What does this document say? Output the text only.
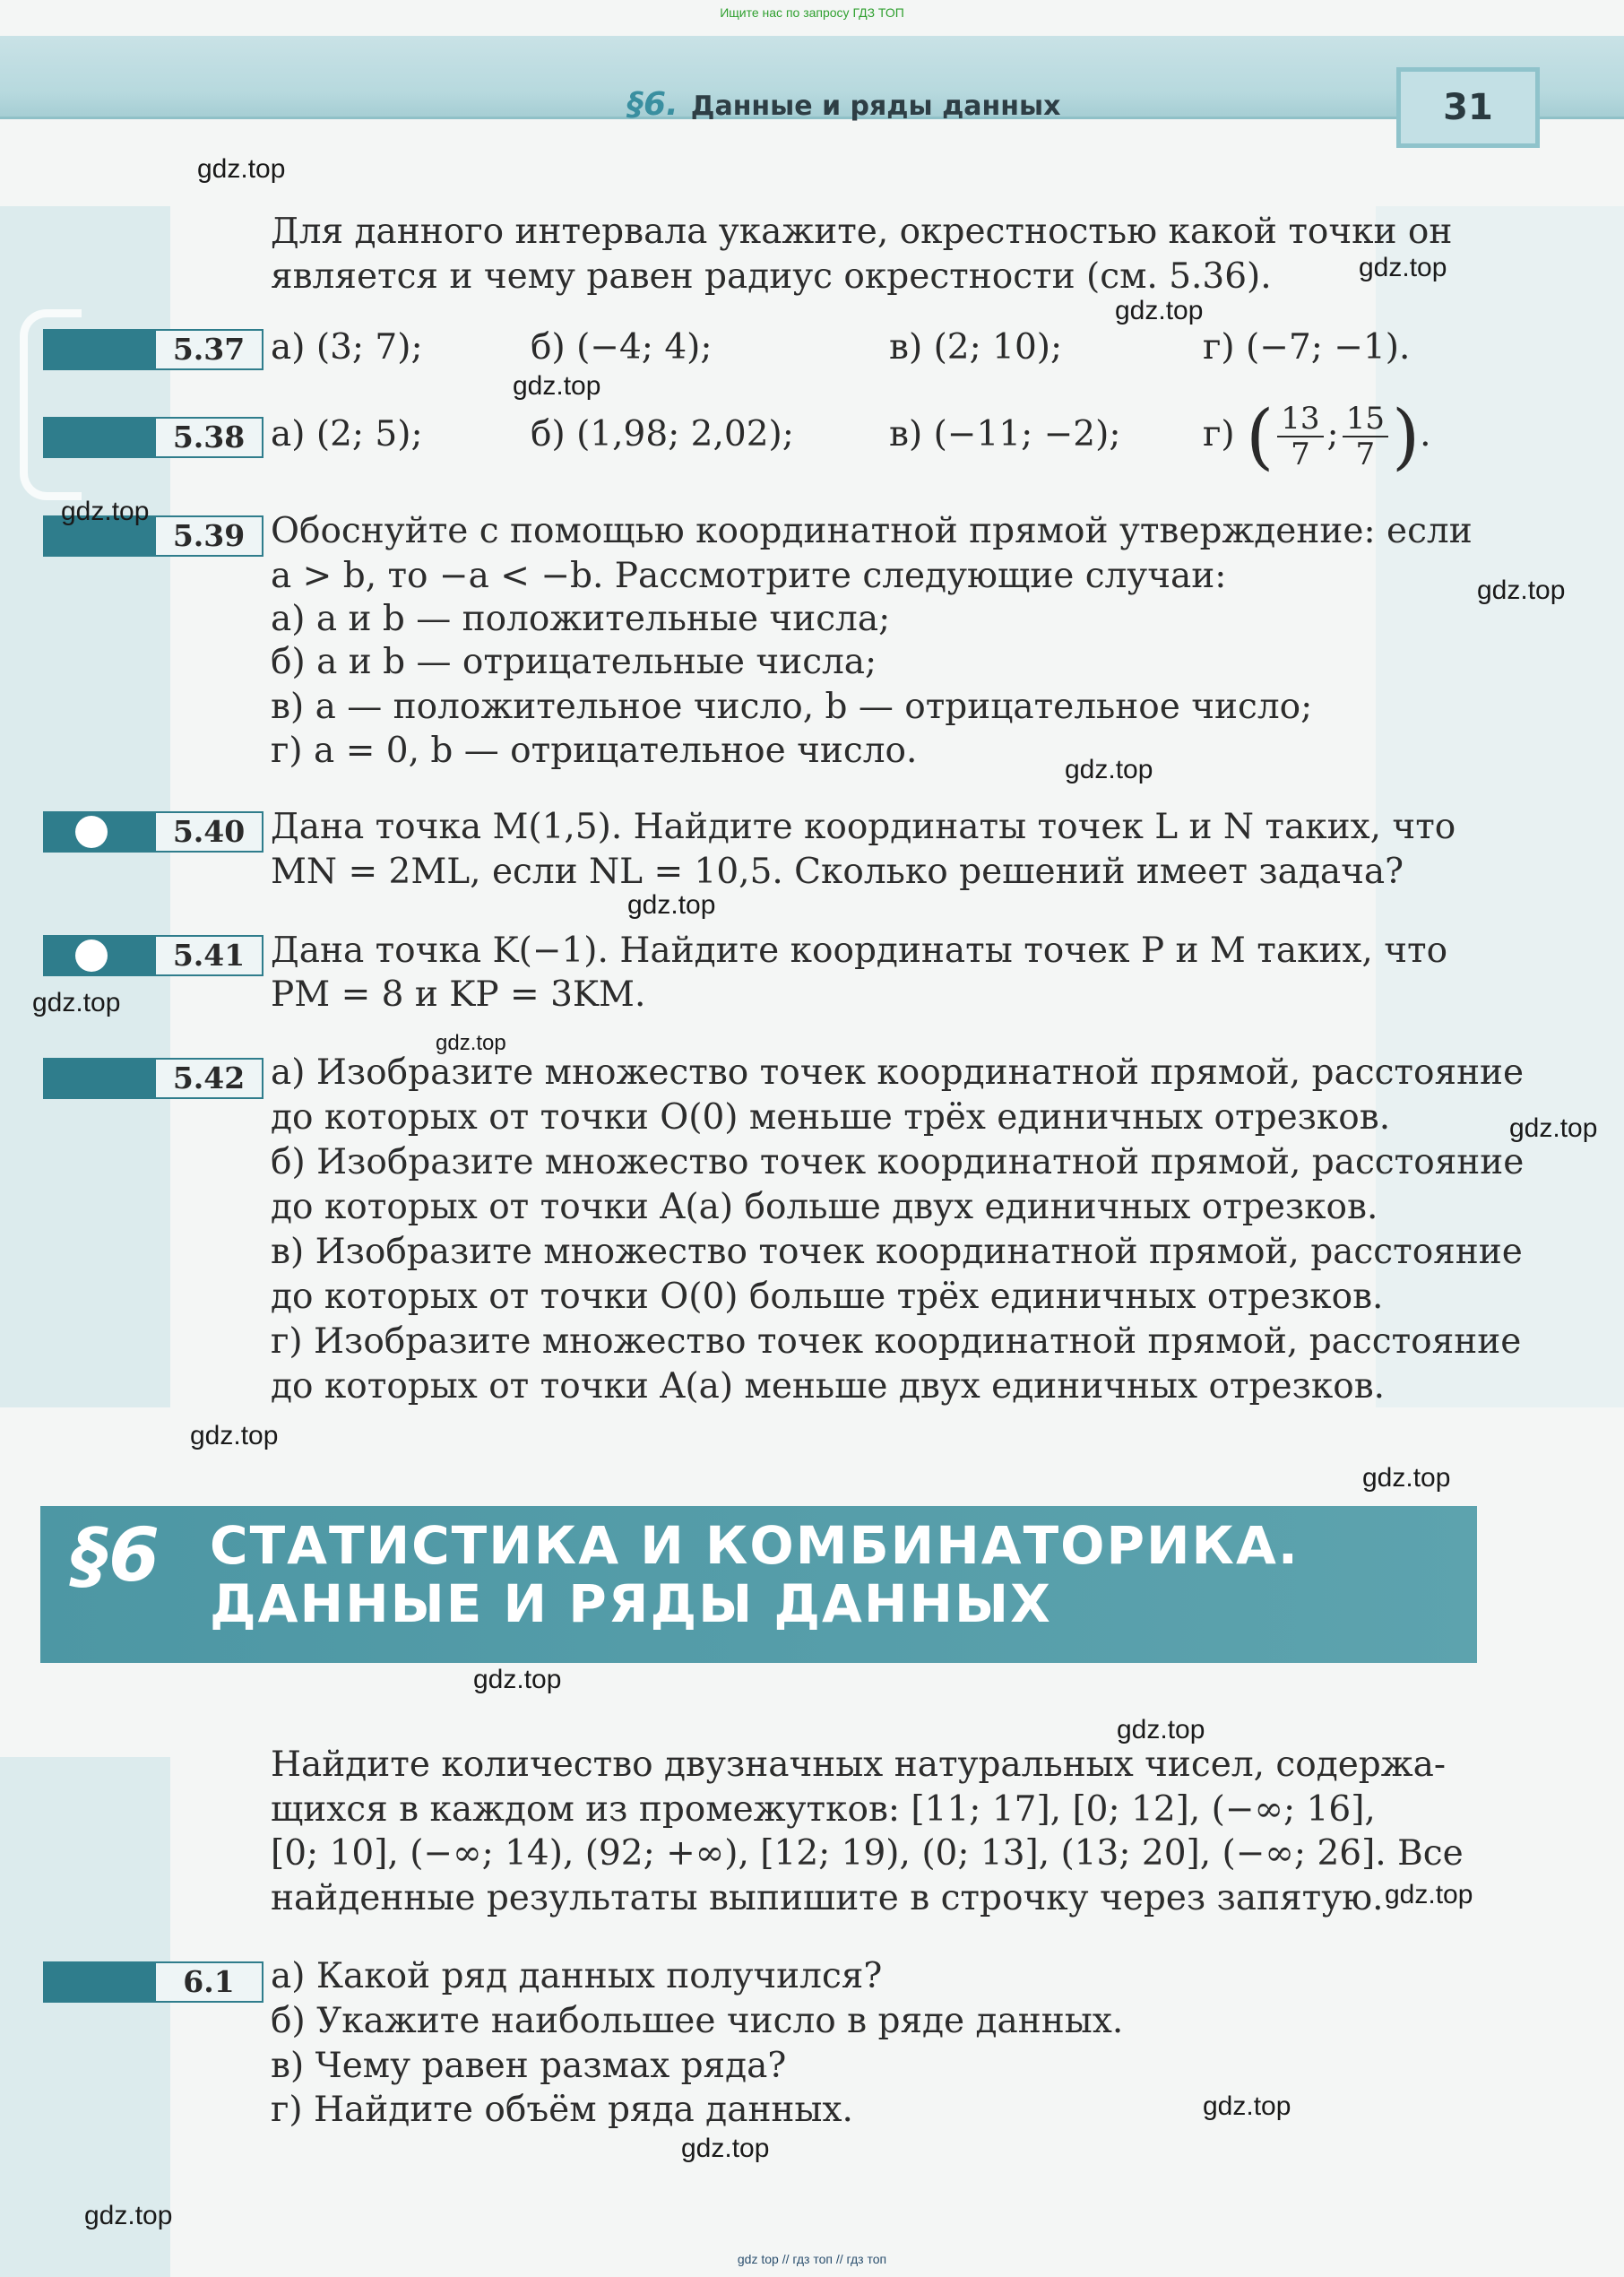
Ищите нас по запросу ГДЗ ТОП
§6. Данные и ряды данных	31
Для данного интервала укажите, окрестностью какой точки он
является и чему равен радиус окрестности (см. 5.36).
5.37 а) (3; 7);	б) (−4; 4);	в) (2; 10);	г) (−7; −1).
5.38 а) (2; 5);	б) (1,98; 2,02);	в) (−11; −2); г) ( $\frac{13}{7}$ ; $\frac{15}{7}$ ).
5.39 Обоснуйте с помощью координатной прямой утверждение: если
a > b, то −a < −b. Рассмотрите следующие случаи:
а) a и b — положительные числа;
б) a и b — отрицательные числа;
в) a — положительное число, b — отрицательное число;
г) a = 0, b — отрицательное число.
5.40 Дана точка M(1,5). Найдите координаты точек L и N таких, что
MN = 2ML, если NL = 10,5. Сколько решений имеет задача?
5.41 Дана точка K(−1). Найдите координаты точек P и M таких, что
PM = 8 и KP = 3KM.
5.42 а) Изобразите множество точек координатной прямой, расстояние
до которых от точки O(0) меньше трёх единичных отрезков.
б) Изобразите множество точек координатной прямой, расстояние
до которых от точки A(a) больше двух единичных отрезков.
в) Изобразите множество точек координатной прямой, расстояние
до которых от точки O(0) больше трёх единичных отрезков.
г) Изобразите множество точек координатной прямой, расстояние
до которых от точки A(a) меньше двух единичных отрезков.
§6 СТАТИСТИКА И КОМБИНАТОРИКА.
ДАННЫЕ И РЯДЫ ДАННЫХ
Найдите количество двузначных натуральных чисел, содержа-
щихся в каждом из промежутков: [11; 17], [0; 12], (−∞; 16],
[0; 10], (−∞; 14), (92; +∞), [12; 19), (0; 13], (13; 20], (−∞; 26]. Все
найденные результаты выпишите в строчку через запятую.
6.1	а) Какой ряд данных получился?
б) Укажите наибольшее число в ряде данных.
в) Чему равен размах ряда?
г) Найдите объём ряда данных.
gdz.top
gdz.top
gdz.top
gdz.top
gdz.top
gdz.top
gdz.top
gdz.top
gdz.top
gdz.top
gdz.top
gdz.top
gdz.top
gdz.top
gdz.top
gdz.top
gdz.top
gdz.top
gdz.top
gdz top // гдз топ // гдз топ
